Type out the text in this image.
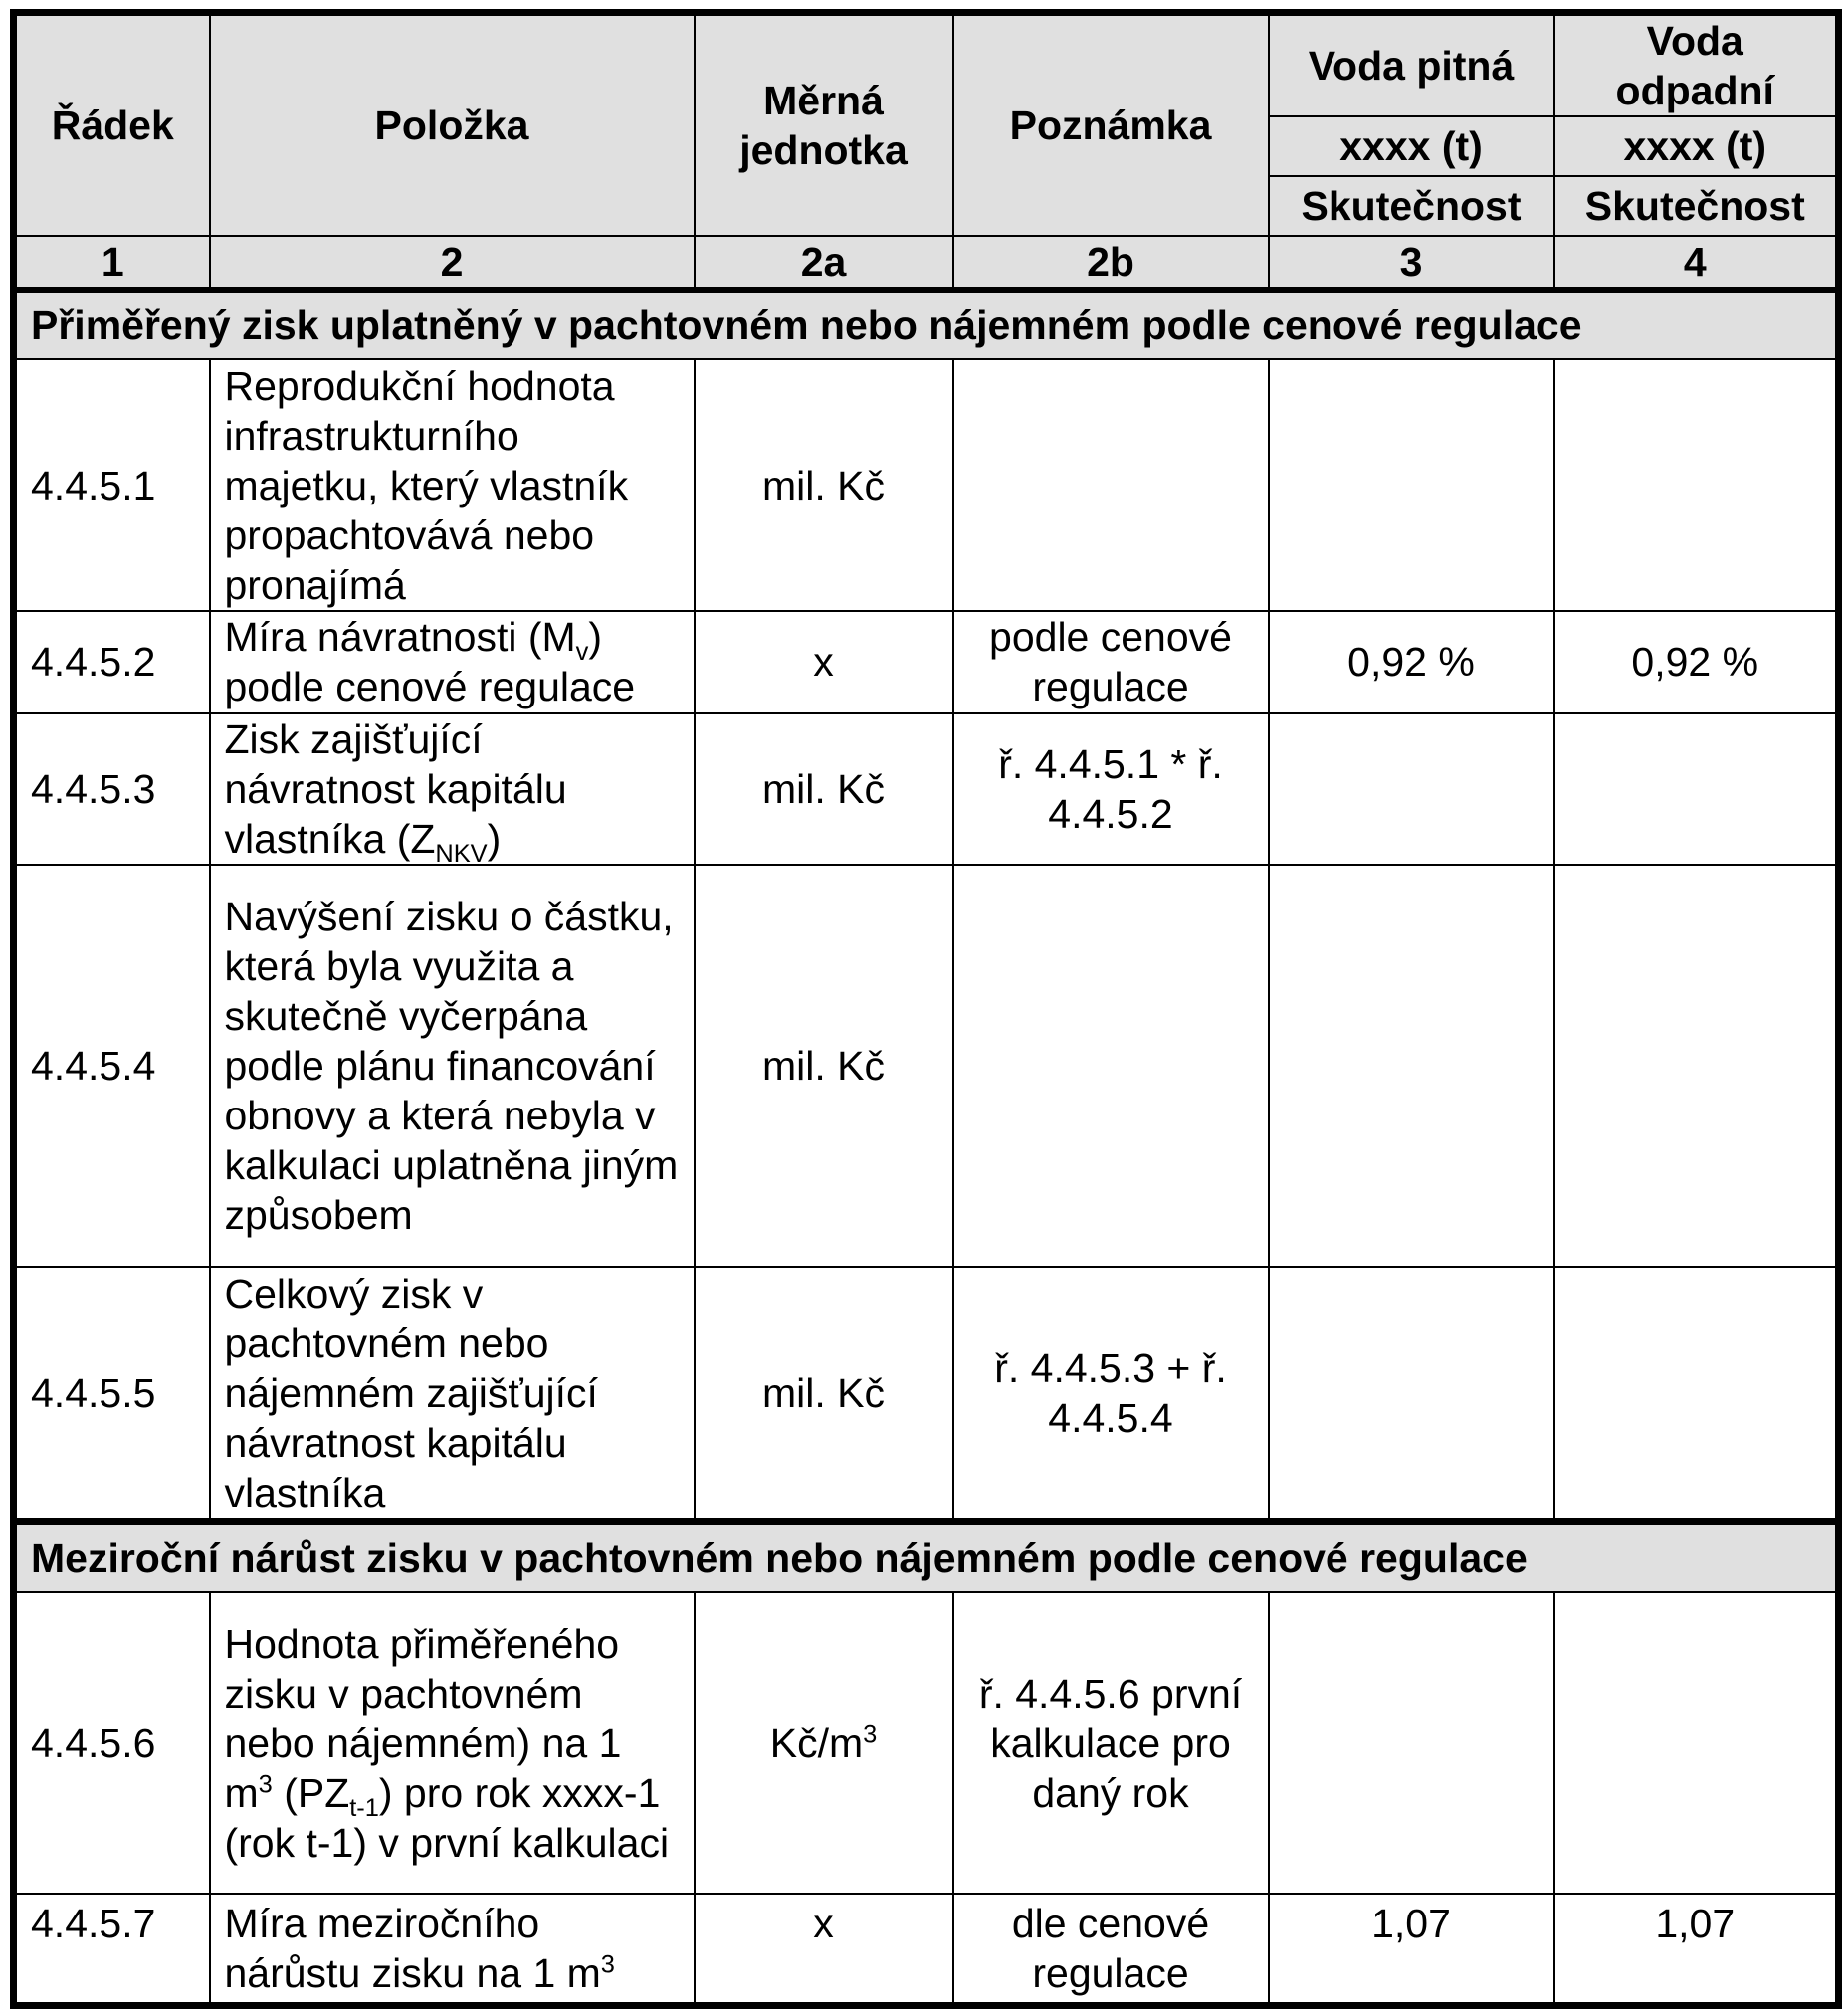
Řádek	Položka	Měrná jednotka	Poznámka	Voda pitná	Voda odpadní
				xxxx (t)	xxxx (t)
				Skutečnost	Skutečnost
1	2	2a	2b	3	4
Přiměřený zisk uplatněný v pachtovném nebo nájemném podle cenové regulace					
4.4.5.1	Reprodukční hodnota infrastrukturního majetku, který vlastník propachtovává nebo pronajímá	mil. Kč			
4.4.5.2	Míra návratnosti $(M_v)$ podle cenové regulace	x	podle cenové regulace	0,92 %	0,92 %
4.4.5.3	Zisk zajišťující návratnost kapitálu vlastníka $(Z_{NKV})$	mil. Kč	ř. 4.4.5.1 * ř. 4.4.5.2		
4.4.5.4	Navýšení zisku o částku, která byla využita a skutečně vyčerpána podle plánu financování obnovy a která nebyla v kalkulaci uplatněna jiným způsobem	mil. Kč			
4.4.5.5	Celkový zisk v pachtovném nebo nájemném zajišťující návratnost kapitálu vlastníka	mil. Kč	ř. 4.4.5.3 + ř. 4.4.5.4		
Meziroční nárůst zisku v pachtovném nebo nájemném podle cenové regulace					
4.4.5.6	Hodnota přiměřeného zisku v pachtovném nebo nájemném) na 1 $m^3$ $(PZ_{t-1})$ pro rok xxxx-1 (rok t-1) v první kalkulaci	$Kč/m^3$	ř. 4.4.5.6 první kalkulace pro daný rok		
4.4.5.7	Míra meziročního nárůstu zisku na 1 $m^3$	x	dle cenové regulace	1,07	1,07
